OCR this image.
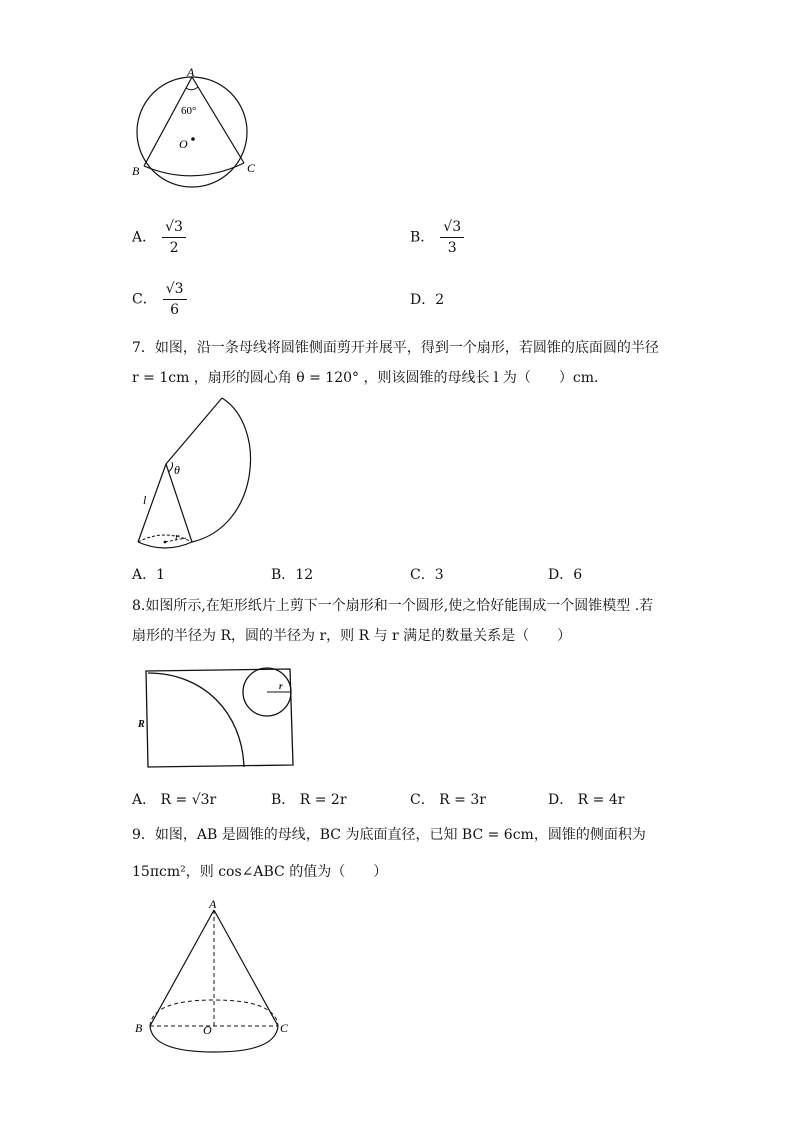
A
B	C
O
60°
A． $\frac{√3}{2}$	B． $\frac{√3}{3}$
C． $\frac{√3}{6}$	D．2
7．如图，沿一条母线将圆锥侧面剪开并展平，得到一个扇形，若圆锥的底面圆的半径
r = 1cm ，扇形的圆心角 θ = 120° ，则该圆锥的母线长 l 为（　　）cm．
θ
l
r
A．1	B．12	C．3	D．6
8.如图所示,在矩形纸片上剪下一个扇形和一个圆形,使之恰好能围成一个圆锥模型 .若
扇形的半径为 R，圆的半径为 r，则 R 与 r 满足的数量关系是（　　）
R
r
A． R = √3r	B． R = 2r	C． R = 3r	D． R = 4r
9．如图，AB 是圆锥的母线，BC 为底面直径，已知 BC = 6cm，圆锥的侧面积为
15πcm²，则 cos∠ABC 的值为（　　）
A
B	C
O
